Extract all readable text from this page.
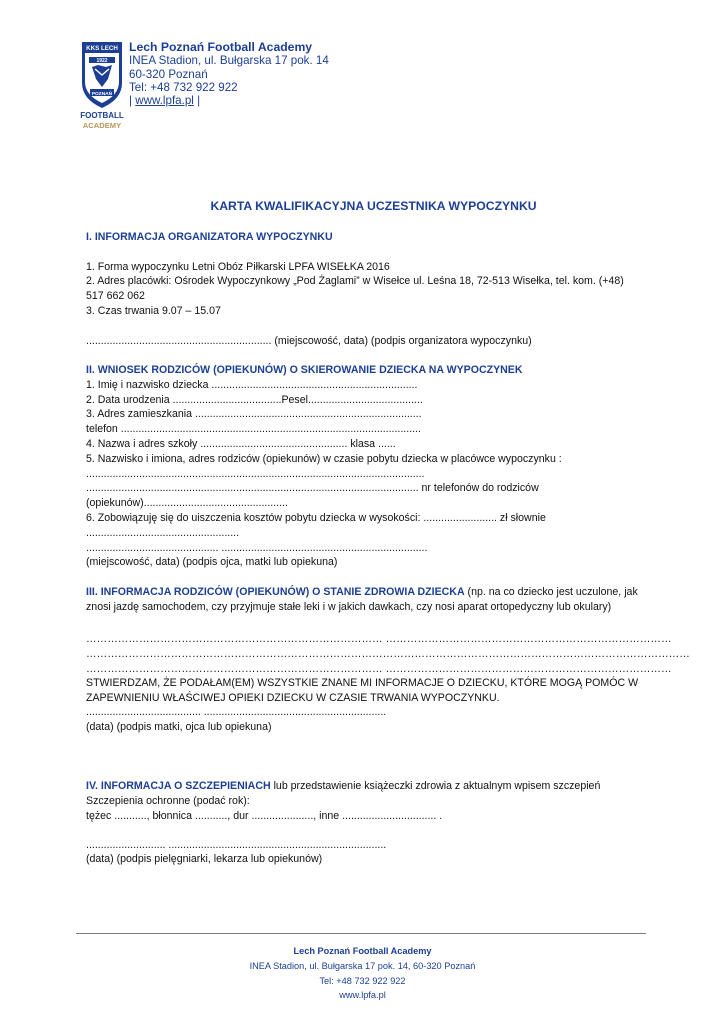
KKS LECH
1922
POZNAŃ
FOOTBALL
ACADEMY
Lech Poznań Football Academy
INEA Stadion, ul. Bułgarska 17 pok. 14
60-320 Poznań
Tel: +48 732 922 922
| www.lpfa.pl |
KARTA KWALIFIKACYJNA UCZESTNIKA WYPOCZYNKU
I. INFORMACJA ORGANIZATORA WYPOCZYNKU
1. Forma wypoczynku Letni Obóz Piłkarski LPFA WISEŁKA 2016
2. Adres placówki: Ośrodek Wypoczynkowy „Pod Żaglami” w Wisełce ul. Leśna 18, 72-513 Wisełka, tel. kom. (+48)
517 662 062
3. Czas trwania 9.07 – 15.07
............................................................... (miejscowość, data) (podpis organizatora wypoczynku)
II. WNIOSEK RODZICÓW (OPIEKUNÓW) O SKIEROWANIE DZIECKA NA WYPOCZYNEK
1. Imię i nazwisko dziecka ......................................................................
2. Data urodzenia .....................................Pesel.......................................
3. Adres zamieszkania .............................................................................
telefon ......................................................................................................
4. Nazwa i adres szkoły .................................................. klasa ......
5. Nazwisko i imiona, adres rodziców (opiekunów) w czasie pobytu dziecka w placówce wypoczynku :
...................................................................................................................
................................................................................................................. nr telefonów do rodziców
(opiekunów).................................................
6. Zobowiązuję się do uiszczenia kosztów pobytu dziecka w wysokości: ......................... zł słownie
....................................................
............................................. ......................................................................
(miejscowość, data) (podpis ojca, matki lub opiekuna)
III. INFORMACJA RODZICÓW (OPIEKUNÓW) O STANIE ZDROWIA DZIECKA (np. na co dziecko jest uczulone, jak
znosi jazdę samochodem, czy przyjmuje stałe leki i w jakich dawkach, czy nosi aparat ortopedyczny lub okulary)
………………………………………………………………………… ………………………………………………………………………
………………………………………………………………………………………………………………………………………………………
………………………………………………………………………… ………………………………………………………………………
STWIERDZAM, ŻE PODAŁAM(EM) WSZYSTKIE ZNANE MI INFORMACJE O DZIECKU, KTÓRE MOGĄ POMÓC W
ZAPEWNIENIU WŁAŚCIWEJ OPIEKI DZIECKU W CZASIE TRWANIA WYPOCZYNKU.
....................................... ..............................................................
(data) (podpis matki, ojca lub opiekuna)
IV. INFORMACJA O SZCZEPIENIACH lub przedstawienie książeczki zdrowia z aktualnym wpisem szczepień
Szczepienia ochronne (podać rok):
tężec ..........., błonnica ..........., dur ....................., inne ................................ .
........................... ..........................................................................
(data) (podpis pielęgniarki, lekarza lub opiekunów)
Lech Poznań Football Academy
INEA Stadion, ul. Bułgarska 17 pok. 14, 60-320 Poznań
Tel: +48 732 922 922
www.lpfa.pl
